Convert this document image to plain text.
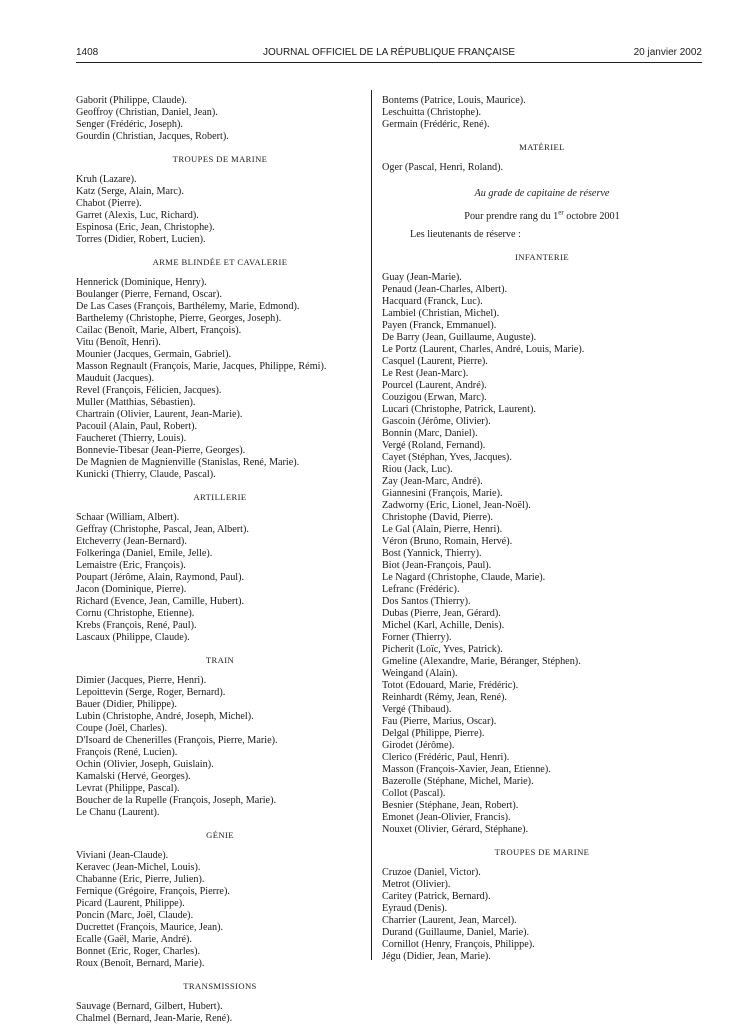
1408	JOURNAL OFFICIEL DE LA RÉPUBLIQUE FRANÇAISE	20 janvier 2002
Gaborit (Philippe, Claude).
Geoffroy (Christian, Daniel, Jean).
Senger (Frédéric, Joseph).
Gourdin (Christian, Jacques, Robert).
TROUPES DE MARINE
Kruh (Lazare).
Katz (Serge, Alain, Marc).
Chabot (Pierre).
Garret (Alexis, Luc, Richard).
Espinosa (Eric, Jean, Christophe).
Torres (Didier, Robert, Lucien).
ARME BLINDÉE ET CAVALERIE
Hennerick (Dominique, Henry).
Boulanger (Pierre, Fernand, Oscar).
De Las Cases (François, Barthélemy, Marie, Edmond).
Barthelemy (Christophe, Pierre, Georges, Joseph).
Cailac (Benoît, Marie, Albert, François).
Vitu (Benoît, Henri).
Mounier (Jacques, Germain, Gabriel).
Masson Regnault (François, Marie, Jacques, Philippe, Rémi).
Mauduit (Jacques).
Revel (François, Félicien, Jacques).
Muller (Matthias, Sébastien).
Chartrain (Olivier, Laurent, Jean-Marie).
Pacouil (Alain, Paul, Robert).
Faucheret (Thierry, Louis).
Bonnevie-Tibesar (Jean-Pierre, Georges).
De Magnien de Magnienville (Stanislas, René, Marie).
Kunicki (Thierry, Claude, Pascal).
ARTILLERIE
Schaar (William, Albert).
Geffray (Christophe, Pascal, Jean, Albert).
Etcheverry (Jean-Bernard).
Folkeringa (Daniel, Emile, Jelle).
Lemaistre (Eric, François).
Poupart (Jérôme, Alain, Raymond, Paul).
Jacon (Dominique, Pierre).
Richard (Evence, Jean, Camille, Hubert).
Cornu (Christophe, Etienne).
Krebs (François, René, Paul).
Lascaux (Philippe, Claude).
TRAIN
Dimier (Jacques, Pierre, Henri).
Lepoittevin (Serge, Roger, Bernard).
Bauer (Didier, Philippe).
Lubin (Christophe, André, Joseph, Michel).
Coupe (Joël, Charles).
D'Isoard de Chenerilles (François, Pierre, Marie).
François (René, Lucien).
Ochin (Olivier, Joseph, Guislain).
Kamalski (Hervé, Georges).
Levrat (Philippe, Pascal).
Boucher de la Rupelle (François, Joseph, Marie).
Le Chanu (Laurent).
GÉNIE
Viviani (Jean-Claude).
Keravec (Jean-Michel, Louis).
Chabanne (Eric, Pierre, Julien).
Fernique (Grégoire, François, Pierre).
Picard (Laurent, Philippe).
Poncin (Marc, Joël, Claude).
Ducrettet (François, Maurice, Jean).
Ecalle (Gaël, Marie, André).
Bonnet (Eric, Roger, Charles).
Roux (Benoît, Bernard, Marie).
TRANSMISSIONS
Sauvage (Bernard, Gilbert, Hubert).
Chalmel (Bernard, Jean-Marie, René).
Bontems (Patrice, Louis, Maurice).
Leschuitta (Christophe).
Germain (Frédéric, René).
MATÉRIEL
Oger (Pascal, Henri, Roland).
Au grade de capitaine de réserve
Pour prendre rang du 1er octobre 2001
Les lieutenants de réserve :
INFANTERIE
Guay (Jean-Marie).
Penaud (Jean-Charles, Albert).
Hacquard (Franck, Luc).
Lambiel (Christian, Michel).
Payen (Franck, Emmanuel).
De Barry (Jean, Guillaume, Auguste).
Le Portz (Laurent, Charles, André, Louis, Marie).
Casquel (Laurent, Pierre).
Le Rest (Jean-Marc).
Pourcel (Laurent, André).
Couzigou (Erwan, Marc).
Lucari (Christophe, Patrick, Laurent).
Gascoin (Jérôme, Olivier).
Bonnin (Marc, Daniel).
Vergé (Roland, Fernand).
Cayet (Stéphan, Yves, Jacques).
Riou (Jack, Luc).
Zay (Jean-Marc, André).
Giannesini (François, Marie).
Zadworny (Eric, Lionel, Jean-Noël).
Christophe (David, Pierre).
Le Gal (Alain, Pierre, Henri).
Véron (Bruno, Romain, Hervé).
Bost (Yannick, Thierry).
Biot (Jean-François, Paul).
Le Nagard (Christophe, Claude, Marie).
Lefranc (Frédéric).
Dos Santos (Thierry).
Dubas (Pierre, Jean, Gérard).
Michel (Karl, Achille, Denis).
Forner (Thierry).
Picherit (Loïc, Yves, Patrick).
Gmeline (Alexandre, Marie, Béranger, Stéphen).
Weingand (Alain).
Totot (Edouard, Marie, Frédéric).
Reinhardt (Rémy, Jean, René).
Vergé (Thibaud).
Fau (Pierre, Marius, Oscar).
Delgal (Philippe, Pierre).
Girodet (Jérôme).
Clerico (Frédéric, Paul, Henri).
Masson (François-Xavier, Jean, Etienne).
Bazerolle (Stéphane, Michel, Marie).
Collot (Pascal).
Besnier (Stéphane, Jean, Robert).
Emonet (Jean-Olivier, Francis).
Nouxet (Olivier, Gérard, Stéphane).
TROUPES DE MARINE
Cruzoe (Daniel, Victor).
Metrot (Olivier).
Caritey (Patrick, Bernard).
Eyraud (Denis).
Charrier (Laurent, Jean, Marcel).
Durand (Guillaume, Daniel, Marie).
Cornillot (Henry, François, Philippe).
Jégu (Didier, Jean, Marie).
